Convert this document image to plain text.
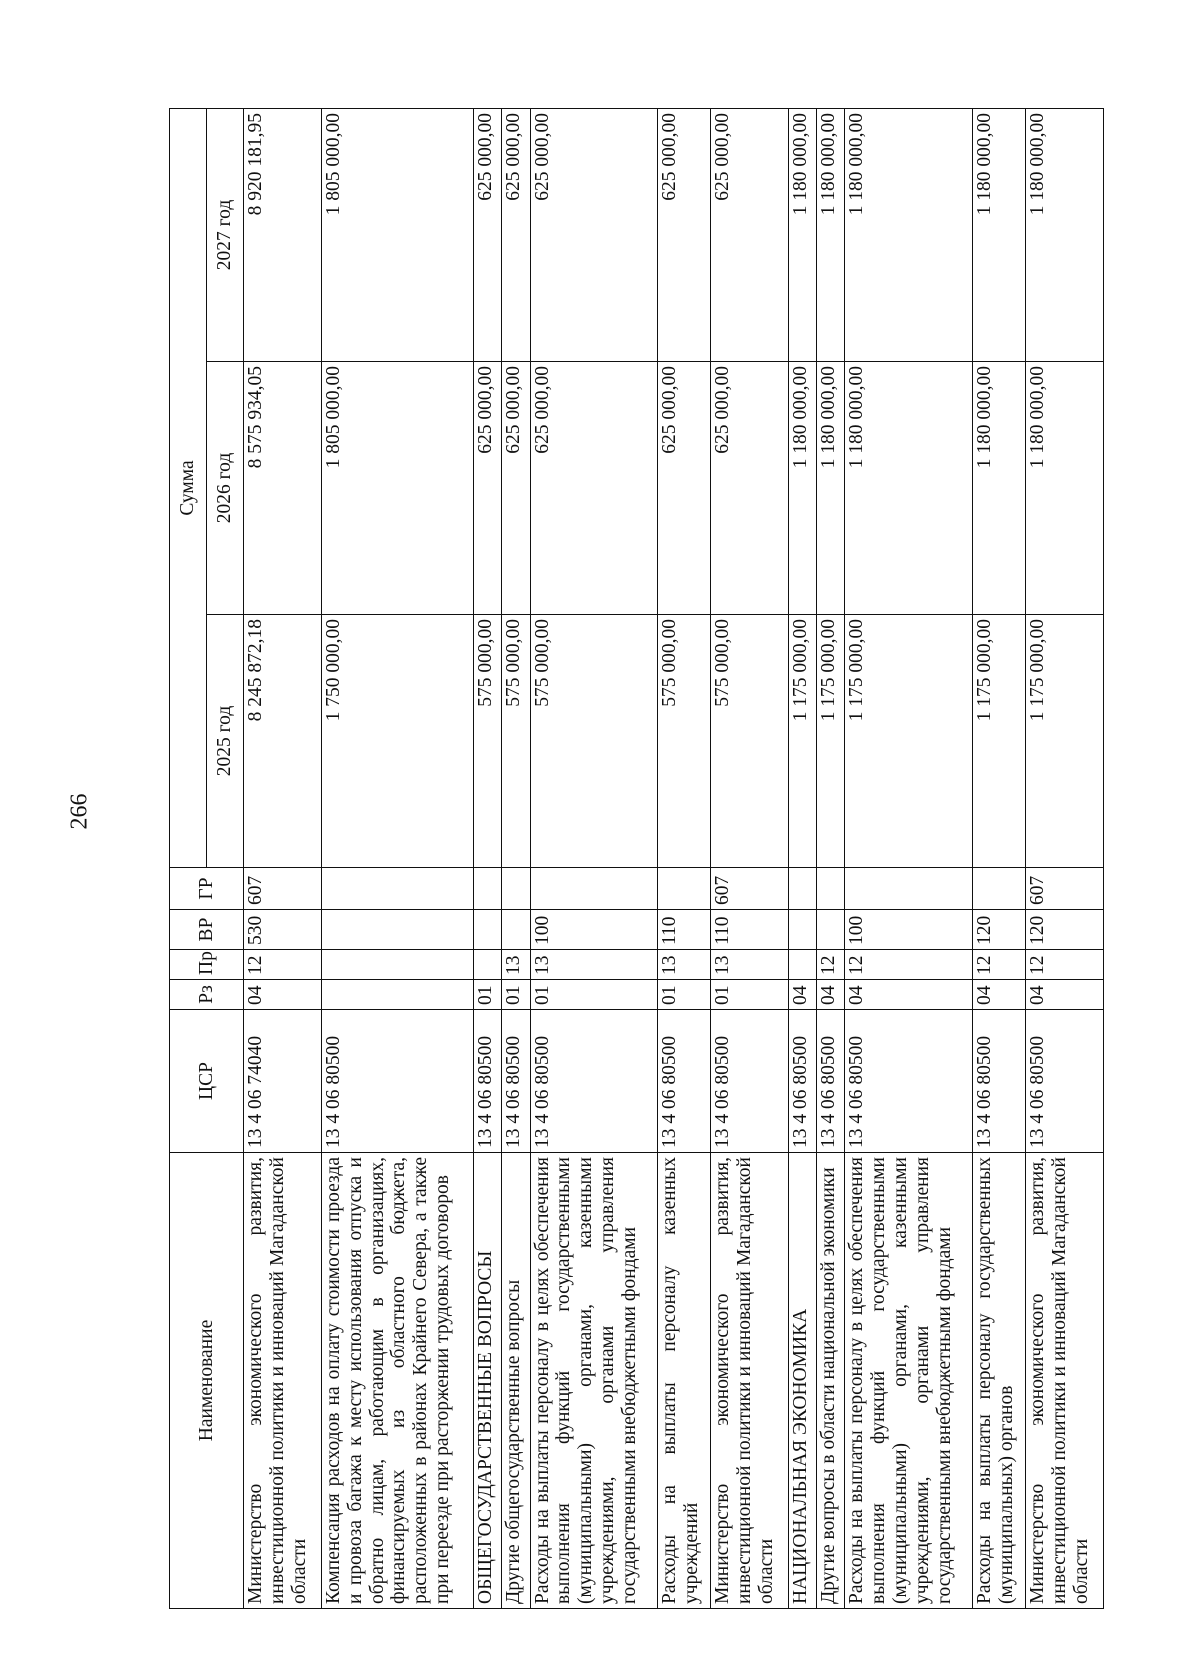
266
Наименование	ЦСР	Рз	Пр	ВР	ГР	Сумма		
						2025 год	2026 год	2027 год
Министерство экономического развития, инвестиционной политики и инноваций Магаданской области	13 4 06 74040	04	12	530	607	8 245 872,18	8 575 934,05	8 920 181,95
Компенсация расходов на оплату стоимости проезда и провоза багажа к месту использования отпуска и обратно лицам, работающим в организациях, финансируемых из областного бюджета, расположенных в районах Крайнего Севера, а также при переезде при расторжении трудовых договоров	13 4 06 80500					1 750 000,00	1 805 000,00	1 805 000,00
ОБЩЕГОСУДАРСТВЕННЫЕ ВОПРОСЫ	13 4 06 80500	01				575 000,00	625 000,00	625 000,00
Другие общегосударственные вопросы	13 4 06 80500	01	13			575 000,00	625 000,00	625 000,00
Расходы на выплаты персоналу в целях обеспечения выполнения функций государственными (муниципальными) органами, казенными учреждениями, органами управления государственными внебюджетными фондами	13 4 06 80500	01	13	100		575 000,00	625 000,00	625 000,00
Расходы на выплаты персоналу казенных учреждений	13 4 06 80500	01	13	110		575 000,00	625 000,00	625 000,00
Министерство экономического развития, инвестиционной политики и инноваций Магаданской области	13 4 06 80500	01	13	110	607	575 000,00	625 000,00	625 000,00
НАЦИОНАЛЬНАЯ ЭКОНОМИКА	13 4 06 80500	04				1 175 000,00	1 180 000,00	1 180 000,00
Другие вопросы в области национальной экономики	13 4 06 80500	04	12			1 175 000,00	1 180 000,00	1 180 000,00
Расходы на выплаты персоналу в целях обеспечения выполнения функций государственными (муниципальными) органами, казенными учреждениями, органами управления государственными внебюджетными фондами	13 4 06 80500	04	12	100		1 175 000,00	1 180 000,00	1 180 000,00
Расходы на выплаты персоналу государственных (муниципальных) органов	13 4 06 80500	04	12	120		1 175 000,00	1 180 000,00	1 180 000,00
Министерство экономического развития, инвестиционной политики и инноваций Магаданской области	13 4 06 80500	04	12	120	607	1 175 000,00	1 180 000,00	1 180 000,00
